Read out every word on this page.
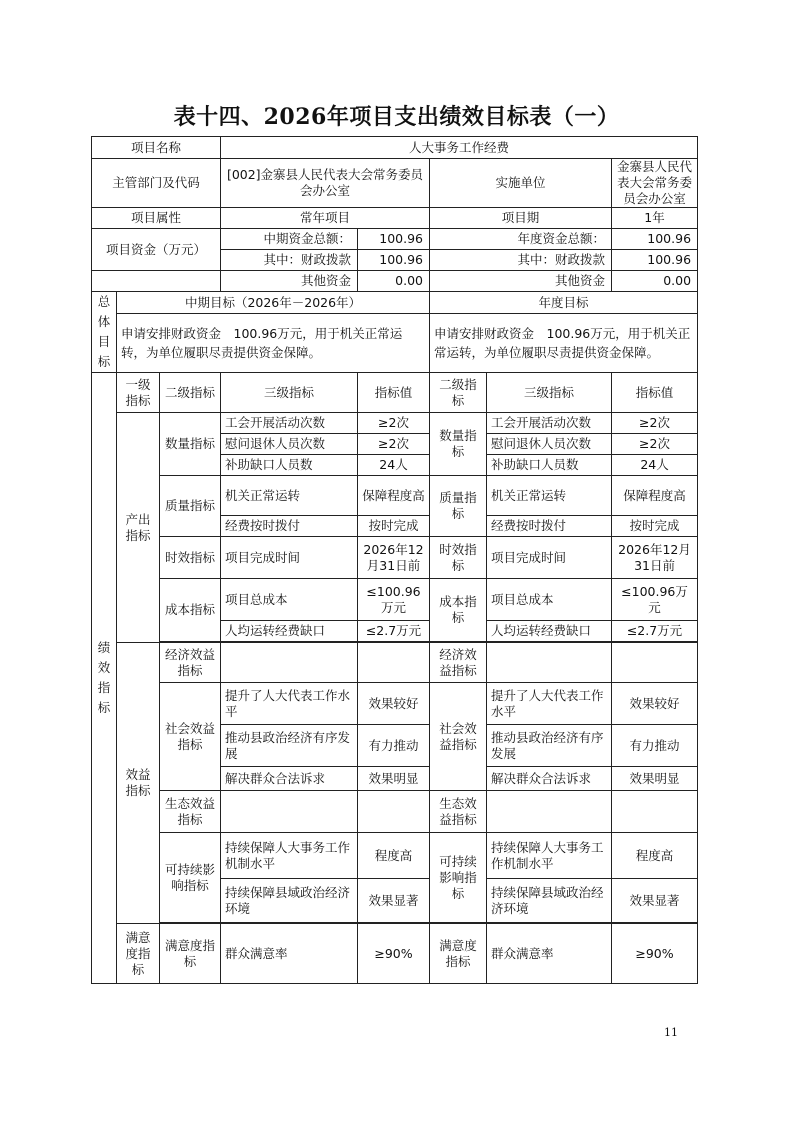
表十四、2026年项目支出绩效目标表（一）
项目名称			人大事务工作经费				
主管部门及代码			[002]金寨县人民代表大会常务委员会办公室		实施单位		金寨县人民代表大会常务委员会办公室
项目属性			常年项目		项目期		1年
项目资金（万元）			中期资金总额：	100.96	年度资金总额：		100.96
			其中：财政拨款	100.96	其中：财政拨款		100.96
			其他资金	0.00	其他资金		0.00
总体目标	中期目标（2026年－2026年）				年度目标		
	申请安排财政资金　100.96万元，用于机关正常运转，为单位履职尽责提供资金保障。				申请安排财政资金　100.96万元，用于机关正常运转，为单位履职尽责提供资金保障。		
绩效指标	一级指标	二级指标	三级指标	指标值	二级指标	三级指标	指标值
	产出指标	数量指标	工会开展活动次数	≥2次	数量指标	工会开展活动次数	≥2次
			慰问退休人员次数	≥2次		慰问退休人员次数	≥2次
			补助缺口人员数	24人		补助缺口人员数	24人
		质量指标	机关正常运转	保障程度高	质量指标	机关正常运转	保障程度高
			经费按时拨付	按时完成		经费按时拨付	按时完成
		时效指标	项目完成时间	2026年12月31日前	时效指标	项目完成时间	2026年12月31日前
		成本指标	项目总成本	≤100.96万元	成本指标	项目总成本	≤100.96万元
			人均运转经费缺口	≤2.7万元		人均运转经费缺口	≤2.7万元

	效益指标	经济效益指标			经济效益指标		
		社会效益指标	提升了人大代表工作水平	效果较好	社会效益指标	提升了人大代表工作水平	效果较好
			推动县政治经济有序发展	有力推动		推动县政治经济有序发展	有力推动
			解决群众合法诉求	效果明显		解决群众合法诉求	效果明显
		生态效益指标			生态效益指标		
		可持续影响指标	持续保障人大事务工作机制水平	程度高	可持续影响指标	持续保障人大事务工作机制水平	程度高
			持续保障县域政治经济环境	效果显著		持续保障县域政治经济环境	效果显著

	满意度指标	满意度指标	群众满意率	≥90%	满意度指标	群众满意率	≥90%
11
